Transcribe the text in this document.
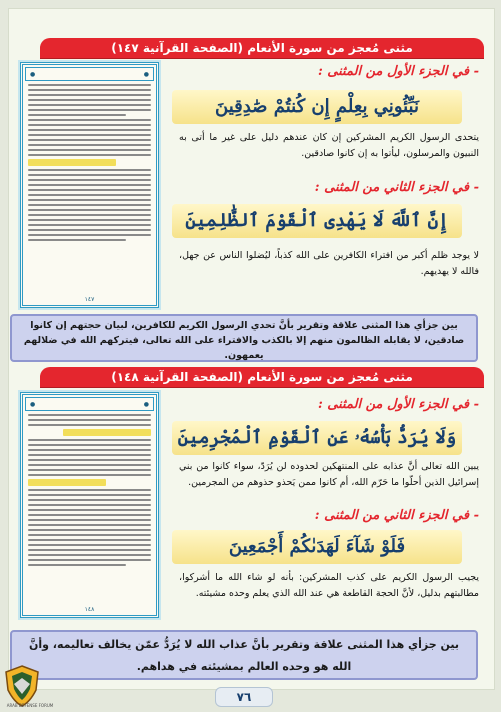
مثنى مُعجز من سورة الأنعام (الصفحة القرآنية ١٤٧)
●
●
١٤٧
- في الجزء الأول من المثنى :
نَبِّئُونِي بِعِلْمٍ إِن كُنتُمْ صَٰدِقِينَ
يتحدى الرسول الكريم المشركين إن كان عندهم دليل على غير ما أتى به النبيون والمرسلون، ليأتوا به إن كانوا صادقين.
- في الجزء الثاني من المثنى :
إِنَّ ٱللَّهَ لَا يَهْدِى ٱلْقَوْمَ ٱلظَّٰلِمِينَ
لا يوجد ظلم أكبر من افتراء الكافرين على الله كذباً، ليُضلوا الناس عن جهل، فالله لا يهديهم.
بين جزأي هذا المثنى علاقة وتقرير بأنَّ تحدي الرسول الكريم للكافرين، لبيان حجتهم إن كانوا صادقين، لا يقابله الظالمون منهم إلا بالكذب والافتراء على الله تعالى، فيتركهم الله في ضلالهم يعمهون.
مثنى مُعجز من سورة الأنعام (الصفحة القرآنية ١٤٨)
●
●
١٤٨
- في الجزء الأول من المثنى :
وَلَا يُرَدُّ بَأْسُهُۥ عَنِ ٱلْقَوْمِ ٱلْمُجْرِمِينَ
يبين الله تعالى أنَّ عذابه على المنتهكين لحدوده لن يُرَدّ، سواء كانوا من بني إسرائيل الذين أحلّوا ما حَرّم الله، أم كانوا ممن يَحذو حذوهم من المجرمين.
- في الجزء الثاني من المثنى :
فَلَوْ شَآءَ لَهَدَىٰكُمْ أَجْمَعِينَ
يجيب الرسول الكريم على كذب المشركين: بأنه لو شاء الله ما أشركوا، مطالبتهم بدليل، لأنَّ الحجة القاطعة هي عند الله الذي يعلم وحده مشيئته.
بين جزأي هذا المثنى علاقة وتقرير بأنَّ عذاب الله لا يُرَدُّ عمّن يخالف تعاليمه، وأنَّ الله هو وحده العالم بمشيئته في هداهم.
٧٦
ARAB DEFENSE FORUM
